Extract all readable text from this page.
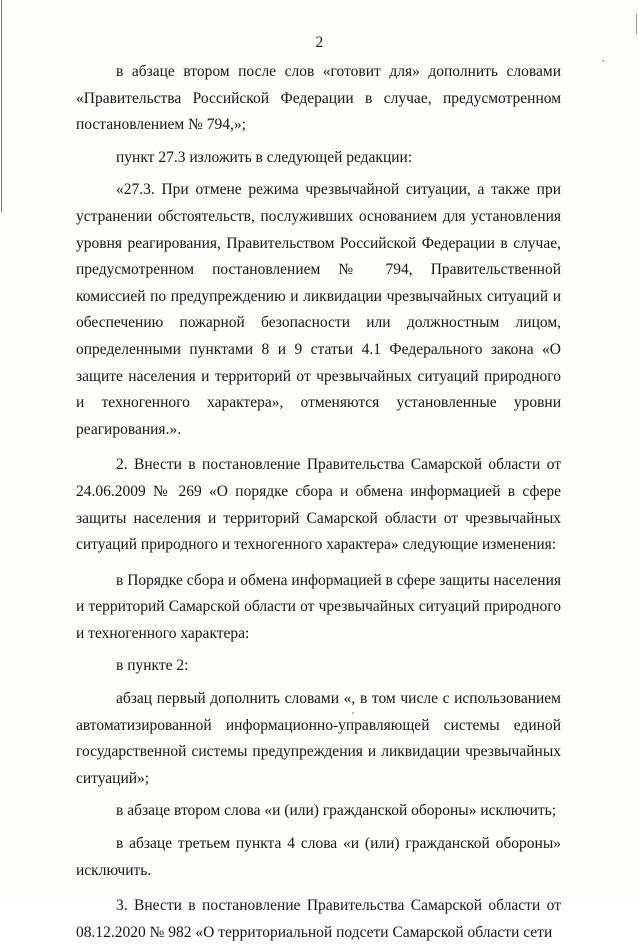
2

в абзаце втором после слов «готовит для» дополнить словами «Правительства Российской Федерации в случае, предусмотренном постановлением № 794,»;

пункт 27.3 изложить в следующей редакции:

«27.3. При отмене режима чрезвычайной ситуации, а также при устранении обстоятельств, послуживших основанием для установления уровня реагирования, Правительством Российской Федерации в случае, предусмотренном постановлением № 794, Правительственной комиссией по предупреждению и ликвидации чрезвычайных ситуаций и обеспечению пожарной безопасности или должностным лицом, определенными пунктами 8 и 9 статьи 4.1 Федерального закона «О защите населения и территорий от чрезвычайных ситуаций природного и техногенного характера», отменяются установленные уровни реагирования.».

2. Внести в постановление Правительства Самарской области от 24.06.2009 № 269 «О порядке сбора и обмена информацией в сфере защиты населения и территорий Самарской области от чрезвычайных ситуаций природного и техногенного характера» следующие изменения:

в Порядке сбора и обмена информацией в сфере защиты населения и территорий Самарской области от чрезвычайных ситуаций природного и техногенного характера:

в пункте 2:

абзац первый дополнить словами «, в том числе с использованием автоматизированной информационно-управляющей системы единой государственной системы предупреждения и ликвидации чрезвычайных ситуаций»;

в абзаце втором слова «и (или) гражданской обороны» исключить;

в абзаце третьем пункта 4 слова «и (или) гражданской обороны» исключить.

3. Внести в постановление Правительства Самарской области от 08.12.2020 № 982 «О территориальной подсети Самарской области сети
